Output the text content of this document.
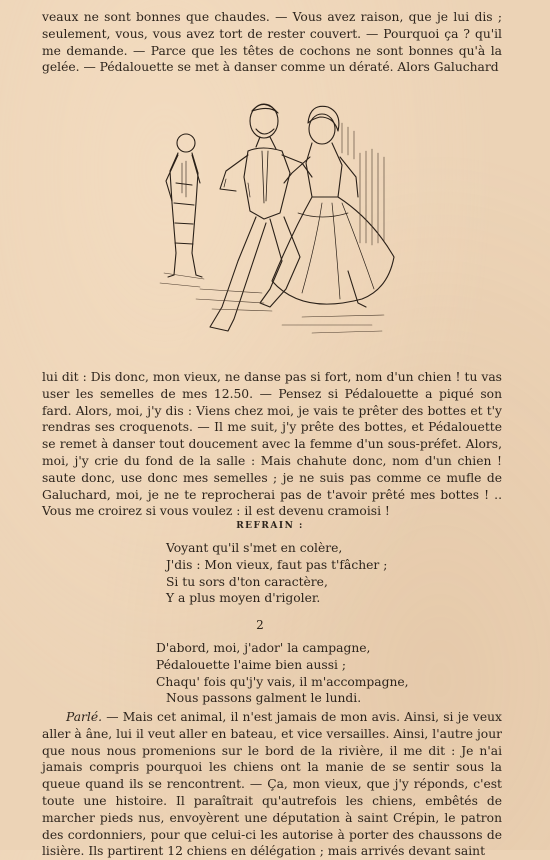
veaux ne sont bonnes que chaudes. — Vous avez raison, que je lui dis ; seulement, vous, vous avez tort de rester couvert. — Pourquoi ça ? qu'il me demande. — Parce que les têtes de cochons ne sont bonnes qu'à la gelée. — Pédalouette se met à danser comme un dératé. Alors Galuchard

lui dit : Dis donc, mon vieux, ne danse pas si fort, nom d'un chien ! tu vas user les semelles de mes 12.50. — Pensez si Pédalouette a piqué son fard. Alors, moi, j'y dis : Viens chez moi, je vais te prêter des bottes et t'y rendras ses croquenots. — Il me suit, j'y prête des bottes, et Pédalouette se remet à danser tout doucement avec la femme d'un sous-préfet. Alors, moi, j'y crie du fond de la salle : Mais chahute donc, nom d'un chien ! saute donc, use donc mes semelles ; je ne suis pas comme ce mufle de Galuchard, moi, je ne te reprocherai pas de t'avoir prêté mes bottes ! .. Vous me croirez si vous voulez : il est devenu cramoisi !

REFRAIN :
Voyant qu'il s'met en colère,
J'dis : Mon vieux, faut pas t'fâcher ;
Si tu sors d'ton caractère,
Y a plus moyen d'rigoler.
2
D'abord, moi, j'ador' la campagne,
Pédalouette l'aime bien aussi ;
Chaqu' fois qu'j'y vais, il m'accompagne,
Nous passons galment le lundi.

Parlé. — Mais cet animal, il n'est jamais de mon avis. Ainsi, si je veux aller à âne, lui il veut aller en bateau, et vice versailles. Ainsi, l'autre jour que nous nous promenions sur le bord de la rivière, il me dit : Je n'ai jamais compris pourquoi les chiens ont la manie de se sentir sous la queue quand ils se rencontrent. — Ça, mon vieux, que j'y réponds, c'est toute une histoire. Il paraîtrait qu'autrefois les chiens, embêtés de marcher pieds nus, envoyèrent une députation à saint Crépin, le patron des cordonniers, pour que celui-ci les autorise à porter des chaussons de lisière. Ils partirent 12 chiens en délégation ; mais arrivés devant saint
